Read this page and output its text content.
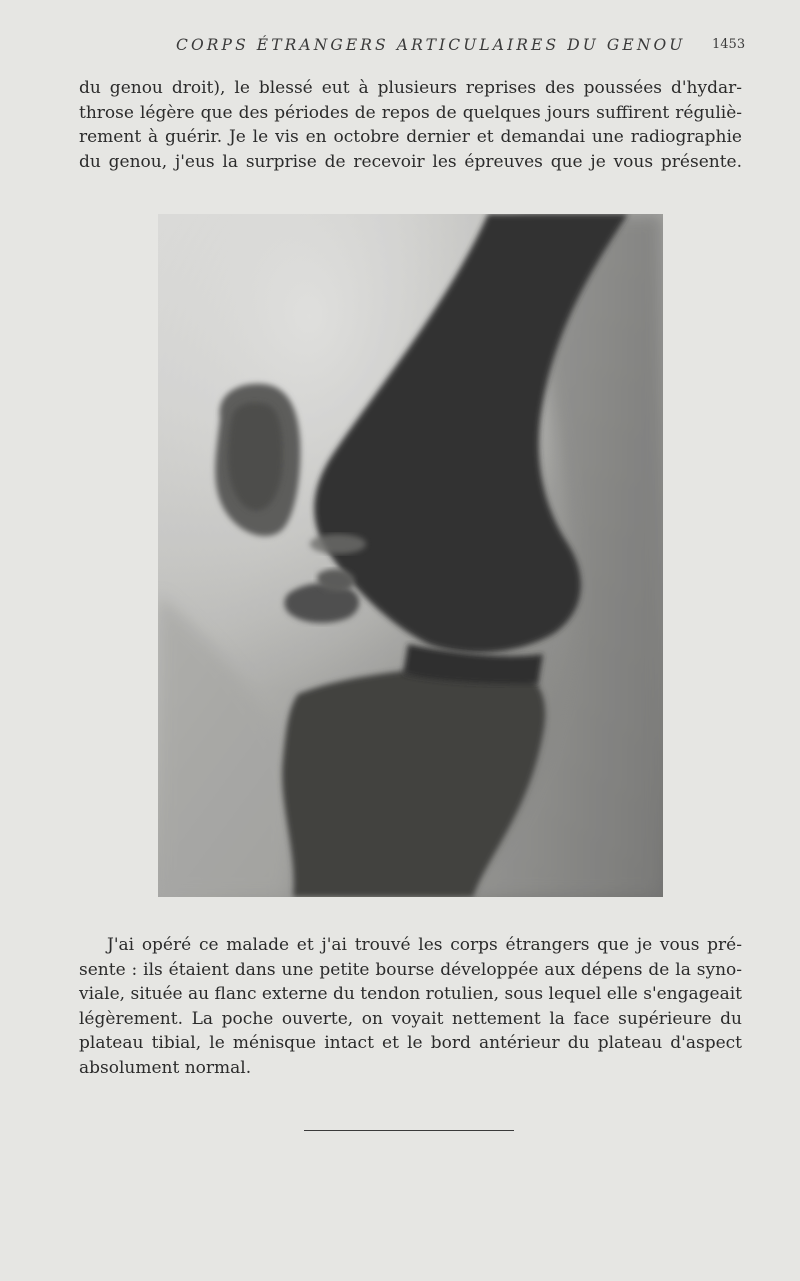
CORPS ÉTRANGERS ARTICULAIRES DU GENOU 1453
du genou droit), le blessé eut à plusieurs reprises des poussées d'hydar-
throse légère que des périodes de repos de quelques jours suffirent réguliè-
rement à guérir. Je le vis en octobre dernier et demandai une radiographie
du genou, j'eus la surprise de recevoir les épreuves que je vous présente.
J'ai opéré ce malade et j'ai trouvé les corps étrangers que je vous pré-
sente : ils étaient dans une petite bourse développée aux dépens de la syno-
viale, située au flanc externe du tendon rotulien, sous lequel elle s'engageait
légèrement. La poche ouverte, on voyait nettement la face supérieure du
plateau tibial, le ménisque intact et le bord antérieur du plateau d'aspect
absolument normal.
